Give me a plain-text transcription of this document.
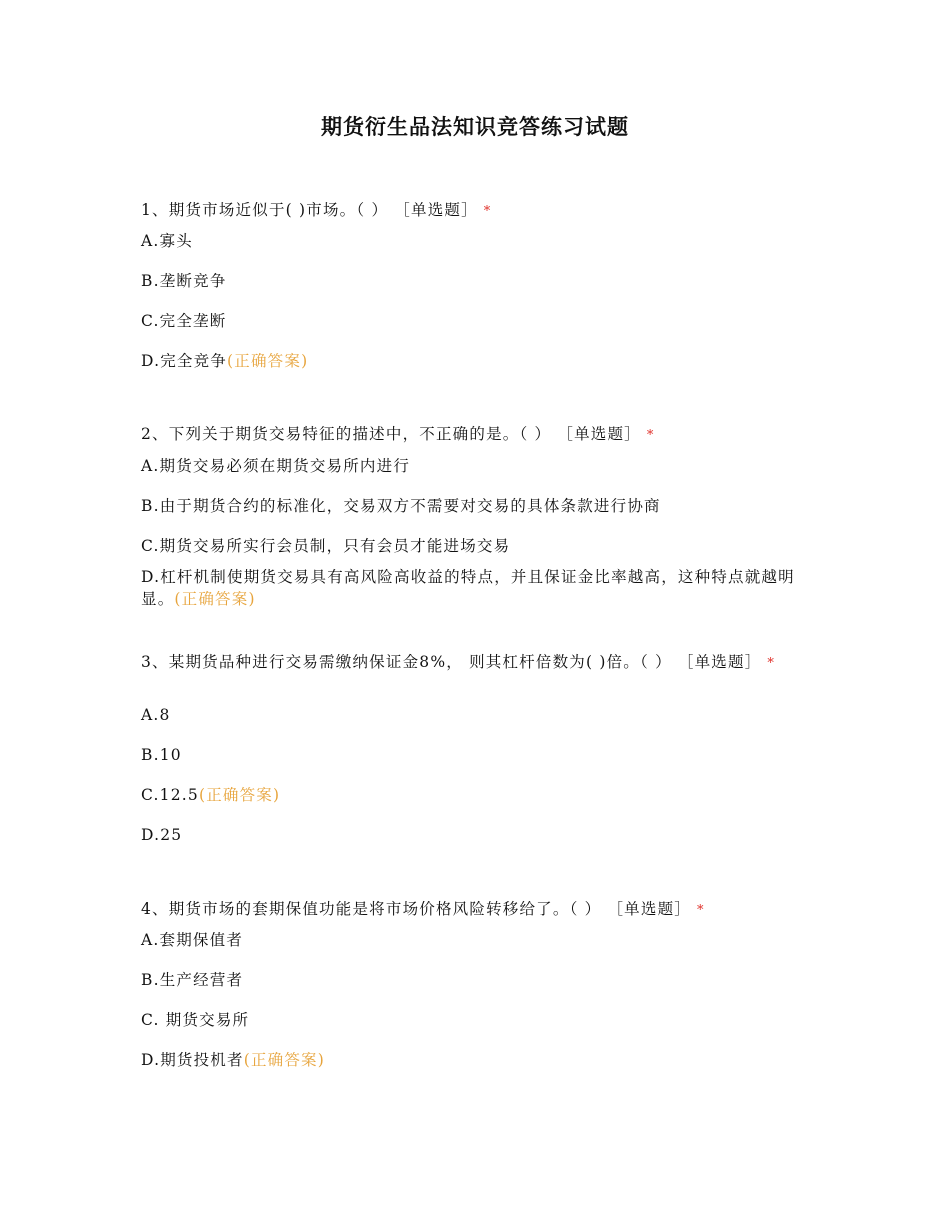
期货衍生品法知识竞答练习试题
1、期货市场近似于( )市场。（ ） ［单选题］ *
A.寡头
B.垄断竞争
C.完全垄断
D.完全竞争(正确答案)
2、下列关于期货交易特征的描述中，不正确的是。（ ） ［单选题］ *
A.期货交易必须在期货交易所内进行
B.由于期货合约的标准化，交易双方不需要对交易的具体条款进行协商
C.期货交易所实行会员制，只有会员才能进场交易
D.杠杆机制使期货交易具有高风险高收益的特点，并且保证金比率越高，这种特点就越明显。(正确答案)
3、某期货品种进行交易需缴纳保证金8%， 则其杠杆倍数为( )倍。（ ） ［单选题］ *
A.8
B.10
C.12.5(正确答案)
D.25
4、期货市场的套期保值功能是将市场价格风险转移给了。（ ） ［单选题］ *
A.套期保值者
B.生产经营者
C. 期货交易所
D.期货投机者(正确答案)
